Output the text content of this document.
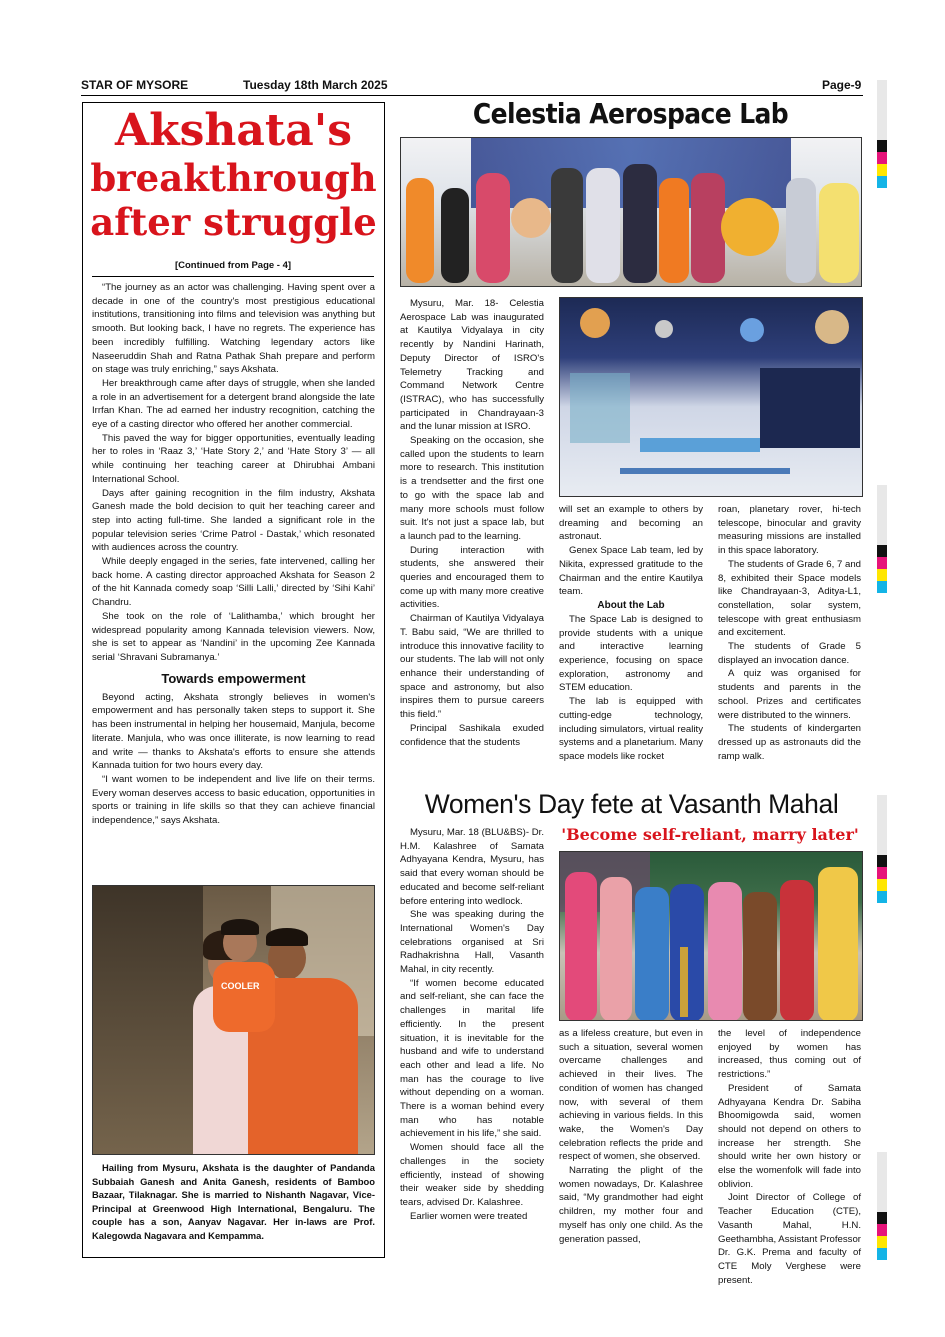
STAR OF MYSORE	Tuesday 18th March 2025	Page-9
Akshata's
breakthrough
after struggle
[Continued from Page - 4]

“The journey as an actor was challenging. Having spent over a decade in one of the country's most prestigious educational institutions, transitioning into films and television was anything but smooth. But looking back, I have no regrets. The experience has been incredibly fulfilling. Watching legendary actors like Naseeruddin Shah and Ratna Pathak Shah prepare and perform on stage was truly enriching,” says Akshata.

Her breakthrough came after days of struggle, when she landed a role in an advertisement for a detergent brand alongside the late Irrfan Khan. The ad earned her industry recognition, catching the eye of a casting director who offered her another commercial.

This paved the way for bigger opportunities, eventually leading her to roles in ‘Raaz 3,’ ‘Hate Story 2,’ and ‘Hate Story 3’ — all while continuing her teaching career at Dhirubhai Ambani International School.

Days after gaining recognition in the film industry, Akshata Ganesh made the bold decision to quit her teaching career and step into acting full-time. She landed a significant role in the popular television series ‘Crime Patrol - Dastak,’ which resonated with audiences across the country.

While deeply engaged in the series, fate intervened, calling her back home. A casting director approached Akshata for Season 2 of the hit Kannada comedy soap ‘Silli Lalli,’ directed by ‘Sihi Kahi’ Chandru.

She took on the role of ‘Lalithamba,’ which brought her widespread popularity among Kannada television viewers. Now, she is set to appear as ‘Nandini’ in the upcoming Zee Kannada serial ‘Shravani Subramanya.’

Towards empowerment

Beyond acting, Akshata strongly believes in women's empowerment and has personally taken steps to support it. She has been instrumental in helping her housemaid, Manjula, become literate. Manjula, who was once illiterate, is now learning to read and write — thanks to Akshata's efforts to ensure she attends Kannada tuition for two hours every day.

“I want women to be independent and live life on their terms. Every woman deserves access to basic education, opportunities in sports or training in life skills so that they can achieve financial independence,” says Akshata.

COOLER

Hailing from Mysuru, Akshata is the daughter of Pandanda Subbaiah Ganesh and Anita Ganesh, residents of Bamboo Bazaar, Tilaknagar. She is married to Nishanth Nagavar, Vice-Principal at Greenwood High International, Bengaluru. The couple has a son, Aanyav Nagavar. Her in-laws are Prof. Kalegowda Nagavara and Kempamma.

Celestia Aerospace Lab

Mysuru, Mar. 18- Celestia Aerospace Lab was inaugurated at Kautilya Vidyalaya in city recently by Nandini Harinath, Deputy Director of ISRO's Telemetry Tracking and Command Network Centre (ISTRAC), who has successfully participated in Chandrayaan-3 and the lunar mission at ISRO.

Speaking on the occasion, she called upon the students to learn more to research. This institution is a trendsetter and the first one to go with the space lab and many more schools must follow suit. It's not just a space lab, but a launch pad to the learning.

During interaction with students, she answered their queries and encouraged them to come up with many more creative activities.

Chairman of Kautilya Vidyalaya T. Babu said, “We are thrilled to introduce this innovative facility to our students. The lab will not only enhance their understanding of space and astronomy, but also inspires them to pursue careers this field.”

Principal Sashikala exuded confidence that the students

will set an example to others by dreaming and becoming an astronaut.

Genex Space Lab team, led by Nikita, expressed gratitude to the Chairman and the entire Kautilya team.

About the Lab

The Space Lab is designed to provide students with a unique and interactive learning experience, focusing on space exploration, astronomy and STEM education.

The lab is equipped with cutting-edge technology, including simulators, virtual reality systems and a planetarium. Many space models like rocket

roan, planetary rover, hi-tech telescope, binocular and gravity measuring missions are installed in this space laboratory.

The students of Grade 6, 7 and 8, exhibited their Space models like Chandrayaan-3, Aditya-L1, constellation, solar system, telescope with great enthusiasm and excitement.

The students of Grade 5 displayed an invocation dance.

A quiz was organised for students and parents in the school. Prizes and certificates were distributed to the winners.

The students of kindergarten dressed up as astronauts did the ramp walk.

Women's Day fete at Vasanth Mahal

Mysuru, Mar. 18 (BLU&BS)- Dr. H.M. Kalashree of Samata Adhyayana Kendra, Mysuru, has said that every woman should be educated and become self-reliant before entering into wedlock.

She was speaking during the International Women's Day celebrations organised at Sri Radhakrishna Hall, Vasanth Mahal, in city recently.

“If women become educated and self-reliant, she can face the challenges in marital life efficiently. In the present situation, it is inevitable for the husband and wife to understand each other and lead a life. No man has the courage to live without depending on a woman. There is a woman behind every man who has notable achievement in his life,” she said.

Women should face all the challenges in the society efficiently, instead of showing their weaker side by shedding tears, advised Dr. Kalashree.

Earlier women were treated

'Become self-reliant, marry later'

as a lifeless creature, but even in such a situation, several women overcame challenges and achieved in their lives. The condition of women has changed now, with several of them achieving in various fields. In this wake, the Women's Day celebration reflects the pride and respect of women, she observed.

Narrating the plight of the women nowadays, Dr. Kalashree said, “My grandmother had eight children, my mother four and myself has only one child. As the generation passed,

the level of independence enjoyed by women has increased, thus coming out of restrictions.”

President of Samata Adhyayana Kendra Dr. Sabiha Bhoomigowda said, women should not depend on others to increase her strength. She should write her own history or else the womenfolk will fade into oblivion.

Joint Director of College of Teacher Education (CTE), Vasanth Mahal, H.N. Geethambha, Assistant Professor Dr. G.K. Prema and faculty of CTE Moly Verghese were present.
